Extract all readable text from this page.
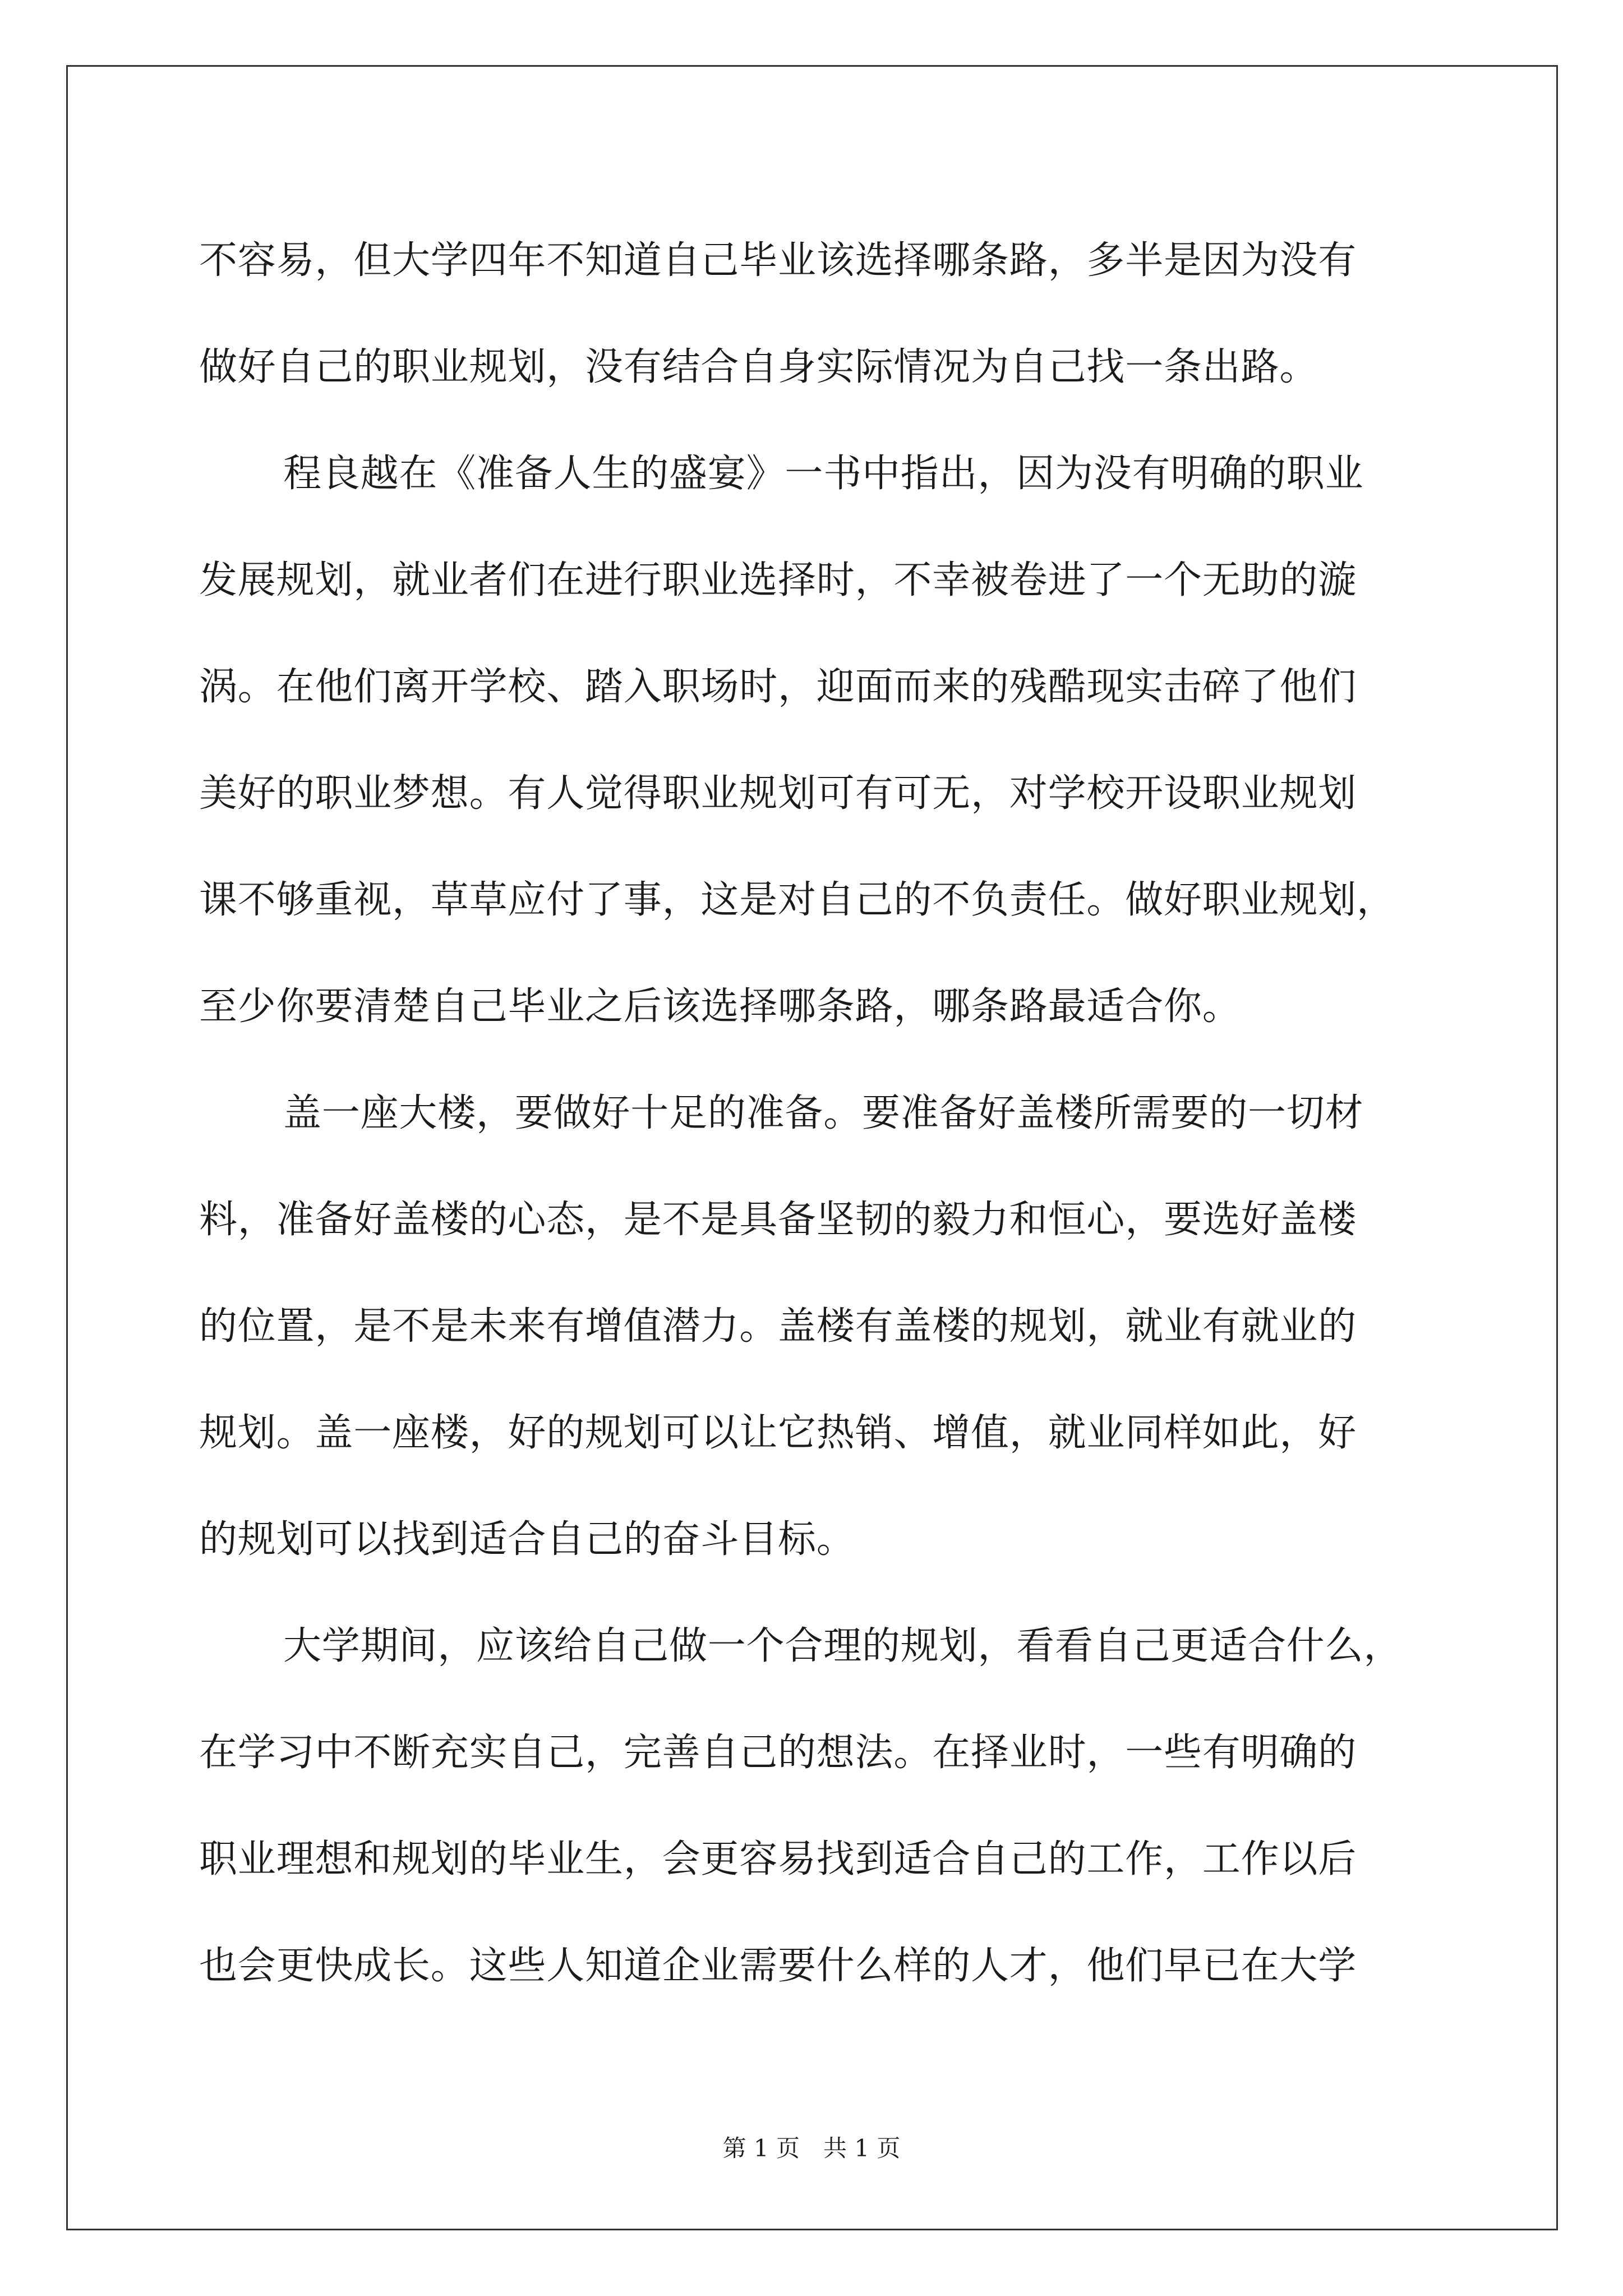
不容易，但大学四年不知道自己毕业该选择哪条路，多半是因为没有
做好自己的职业规划，没有结合自身实际情况为自己找一条出路。
程良越在《准备人生的盛宴》一书中指出，因为没有明确的职业
发展规划，就业者们在进行职业选择时，不幸被卷进了一个无助的漩
涡。在他们离开学校、踏入职场时，迎面而来的残酷现实击碎了他们
美好的职业梦想。有人觉得职业规划可有可无，对学校开设职业规划
课不够重视，草草应付了事，这是对自己的不负责任。做好职业规划，
至少你要清楚自己毕业之后该选择哪条路，哪条路最适合你。
盖一座大楼，要做好十足的准备。要准备好盖楼所需要的一切材
料，准备好盖楼的心态，是不是具备坚韧的毅力和恒心，要选好盖楼
的位置，是不是未来有增值潜力。盖楼有盖楼的规划，就业有就业的
规划。盖一座楼，好的规划可以让它热销、增值，就业同样如此，好
的规划可以找到适合自己的奋斗目标。
大学期间，应该给自己做一个合理的规划，看看自己更适合什么，
在学习中不断充实自己，完善自己的想法。在择业时，一些有明确的
职业理想和规划的毕业生，会更容易找到适合自己的工作，工作以后
也会更快成长。这些人知道企业需要什么样的人才，他们早已在大学
第 1 页　共 1 页
